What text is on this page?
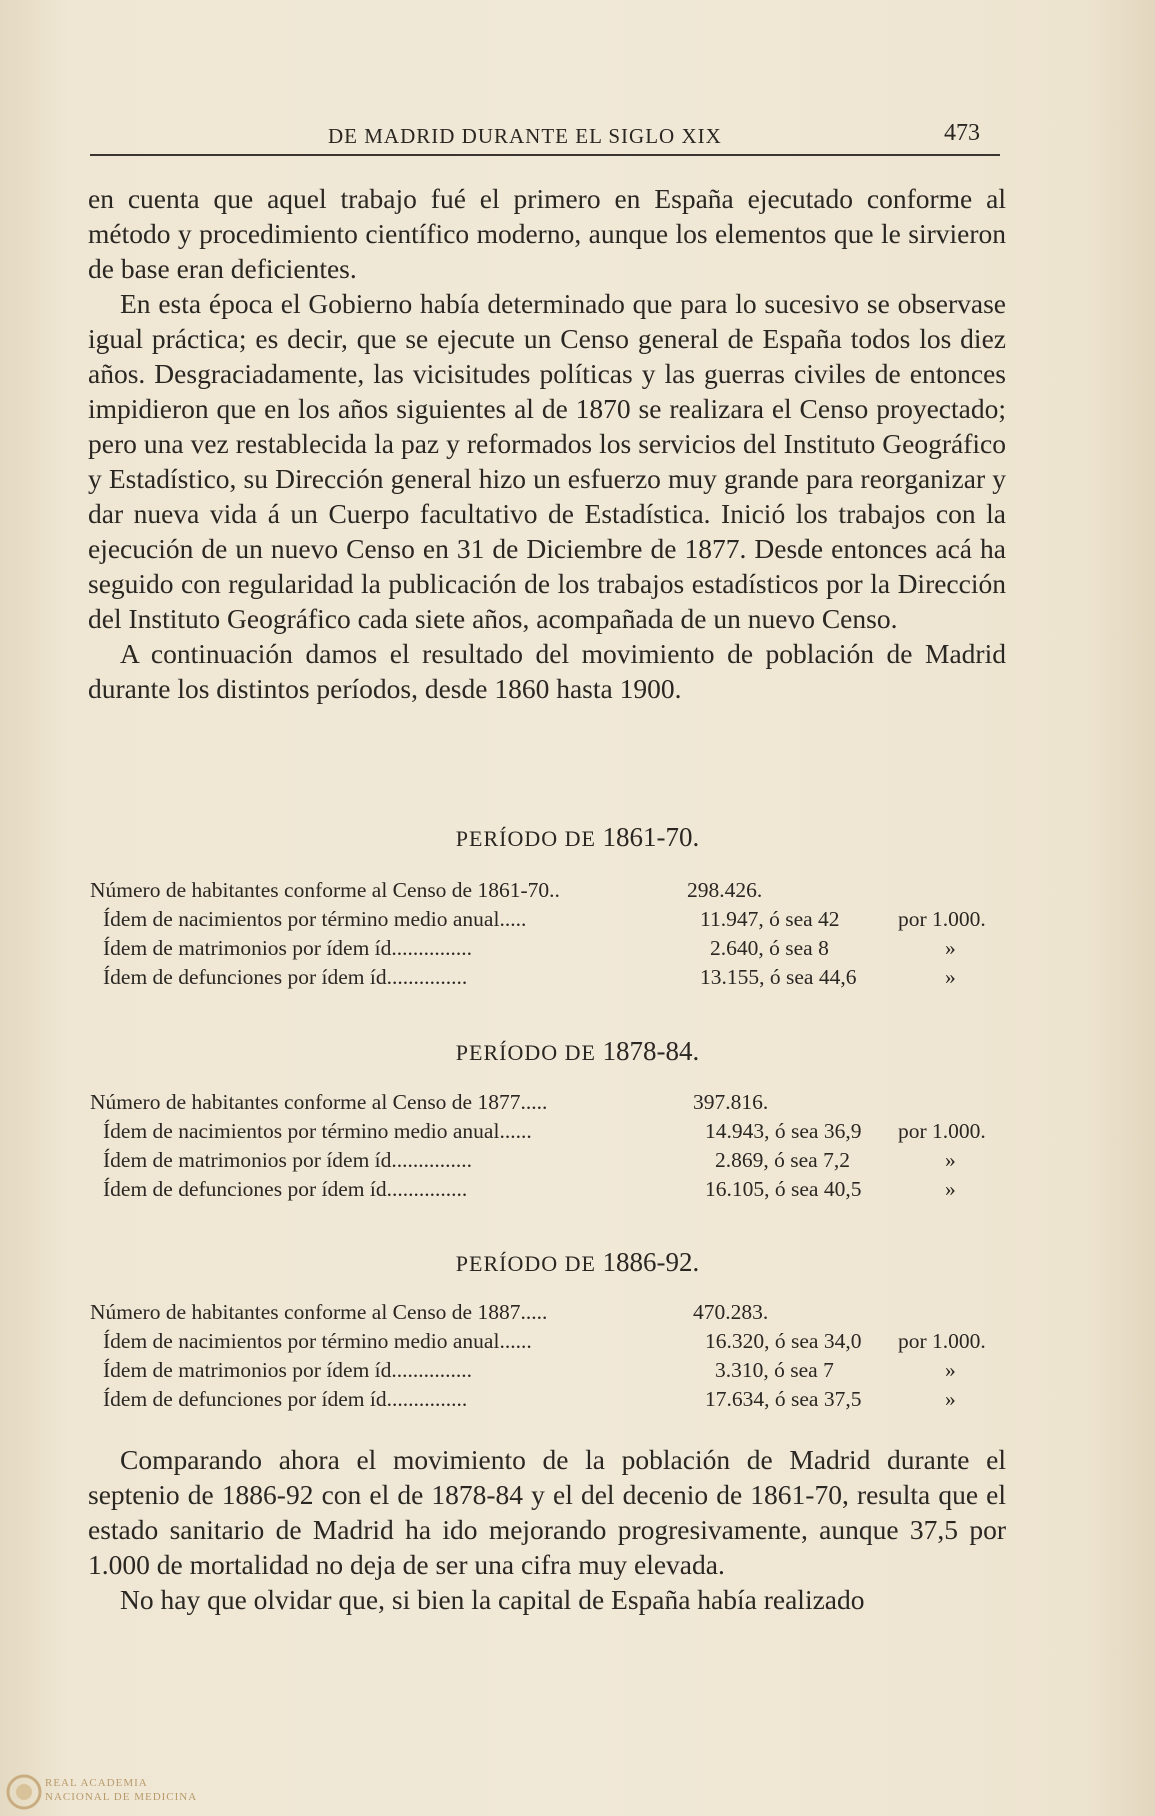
DE MADRID DURANTE EL SIGLO XIX	473

en cuenta que aquel trabajo fué el primero en España ejecutado conforme al método y procedimiento científico moderno, aunque los elementos que le sirvieron de base eran deficientes.

En esta época el Gobierno había determinado que para lo sucesivo se observase igual práctica; es decir, que se ejecute un Censo general de España todos los diez años. Desgraciadamente, las vicisitudes políticas y las guerras civiles de entonces impidieron que en los años siguientes al de 1870 se realizara el Censo proyectado; pero una vez restablecida la paz y reformados los servicios del Instituto Geográfico y Estadístico, su Dirección general hizo un esfuerzo muy grande para reorganizar y dar nueva vida á un Cuerpo facultativo de Estadística. Inició los trabajos con la ejecución de un nuevo Censo en 31 de Diciembre de 1877. Desde entonces acá ha seguido con regularidad la publicación de los trabajos estadísticos por la Dirección del Instituto Geográfico cada siete años, acompañada de un nuevo Censo.

A continuación damos el resultado del movimiento de población de Madrid durante los distintos períodos, desde 1860 hasta 1900.

PERÍODO DE 1861-70.
Número de habitantes conforme al Censo de 1861-70..	298.426.
Ídem de nacimientos por término medio anual.....	11.947, ó sea 42	por 1.000.
Ídem de matrimonios por ídem íd...............	2.640, ó sea 8	»
Ídem de defunciones por ídem íd...............	13.155, ó sea 44,6	»
PERÍODO DE 1878-84.
Número de habitantes conforme al Censo de 1877.....	397.816.
Ídem de nacimientos por término medio anual......	14.943, ó sea 36,9 por 1.000.
Ídem de matrimonios por ídem íd...............	2.869, ó sea 7,2	»
Ídem de defunciones por ídem íd...............	16.105, ó sea 40,5	»
PERÍODO DE 1886-92.
Número de habitantes conforme al Censo de 1887.....	470.283.
Ídem de nacimientos por término medio anual......	16.320, ó sea 34,0 por 1.000.
Ídem de matrimonios por ídem íd...............	3.310, ó sea 7	»
Ídem de defunciones por ídem íd...............	17.634, ó sea 37,5	»

Comparando ahora el movimiento de la población de Madrid durante el septenio de 1886-92 con el de 1878-84 y el del decenio de 1861-70, resulta que el estado sanitario de Madrid ha ido mejorando progresivamente, aunque 37,5 por 1.000 de mortalidad no deja de ser una cifra muy elevada.

No hay que olvidar que, si bien la capital de España había realizado

REAL ACADEMIA
NACIONAL DE MEDICINA
